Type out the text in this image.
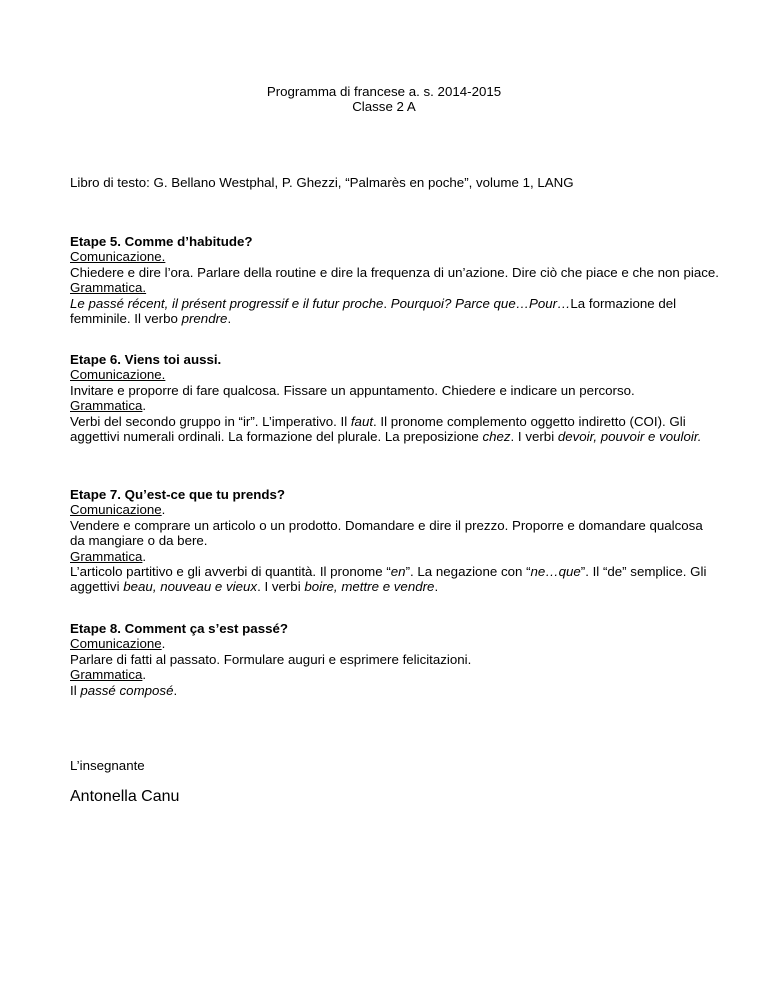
Programma di francese a. s. 2014-2015
Classe 2 A
Libro di testo: G. Bellano Westphal, P. Ghezzi, “Palmarès en poche”, volume 1, LANG
Etape 5. Comme d’habitude?
Comunicazione.
Chiedere e dire l’ora. Parlare della routine e dire la frequenza di un’azione. Dire ciò che piace e che non piace.
Grammatica.
Le passé récent, il présent progressif e il futur proche. Pourquoi? Parce que…Pour…La formazione del femminile. Il verbo prendre.
Etape 6. Viens toi aussi.
Comunicazione.
Invitare e proporre di fare qualcosa. Fissare un appuntamento. Chiedere e indicare un percorso.
Grammatica.
Verbi del secondo gruppo in “ir”. L’imperativo. Il faut. Il pronome complemento oggetto indiretto (COI). Gli aggettivi numerali ordinali. La formazione del plurale. La preposizione chez. I verbi devoir, pouvoir e vouloir.
Etape 7. Qu’est-ce que tu prends?
Comunicazione.
Vendere e comprare un articolo o un prodotto. Domandare e dire il prezzo. Proporre e domandare qualcosa da mangiare o da bere.
Grammatica.
L’articolo partitivo e gli avverbi di quantità. Il pronome “en”. La negazione con “ne…que”. Il “de” semplice. Gli aggettivi beau, nouveau e vieux. I verbi boire, mettre e vendre.
Etape 8. Comment ça s’est passé?
Comunicazione.
Parlare di fatti al passato. Formulare auguri e esprimere felicitazioni.
Grammatica.
Il passé composé.
L’insegnante
Antonella Canu
